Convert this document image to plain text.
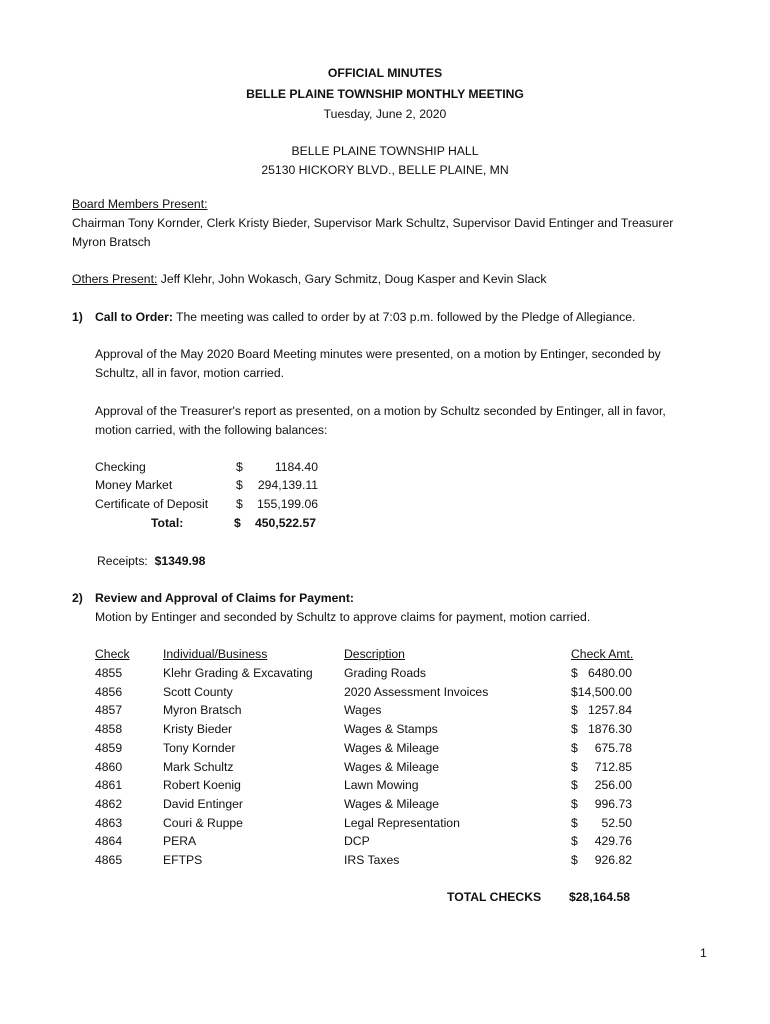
OFFICIAL MINUTES
BELLE PLAINE TOWNSHIP MONTHLY MEETING
Tuesday, June 2, 2020
BELLE PLAINE TOWNSHIP HALL
25130 HICKORY BLVD., BELLE PLAINE, MN
Board Members Present:
Chairman Tony Kornder, Clerk Kristy Bieder, Supervisor Mark Schultz, Supervisor David Entinger and Treasurer Myron Bratsch
Others Present: Jeff Klehr, John Wokasch, Gary Schmitz, Doug Kasper and Kevin Slack
1) Call to Order: The meeting was called to order by at 7:03 p.m. followed by the Pledge of Allegiance.
Approval of the May 2020 Board Meeting minutes were presented, on a motion by Entinger, seconded by Schultz, all in favor, motion carried.
Approval of the Treasurer's report as presented, on a motion by Schultz seconded by Entinger, all in favor, motion carried, with the following balances:
Checking	$	1184.40
Money Market	$	294,139.11
Certificate of Deposit $	155,199.06
Total:	$	450,522.57
Receipts: $1349.98
2) Review and Approval of Claims for Payment:
Motion by Entinger and seconded by Schultz to approve claims for payment, motion carried.
Check	Individual/Business	Description	Check Amt.
4855	Klehr Grading & Excavating	Grading Roads	$ 6480.00
4856	Scott County	2020 Assessment Invoices	$ 14,500.00
4857	Myron Bratsch	Wages	$ 1257.84
4858	Kristy Bieder	Wages & Stamps	$ 1876.30
4859	Tony Kornder	Wages & Mileage	$	675.78
4860	Mark Schultz	Wages & Mileage	$	712.85
4861	Robert Koenig	Lawn Mowing	$	256.00
4862	David Entinger	Wages & Mileage	$	996.73
4863	Couri & Ruppe	Legal Representation	$	52.50
4864	PERA	DCP	$	429.76
4865	EFTPS	IRS Taxes	$	926.82
TOTAL CHECKS $28,164.58
1
